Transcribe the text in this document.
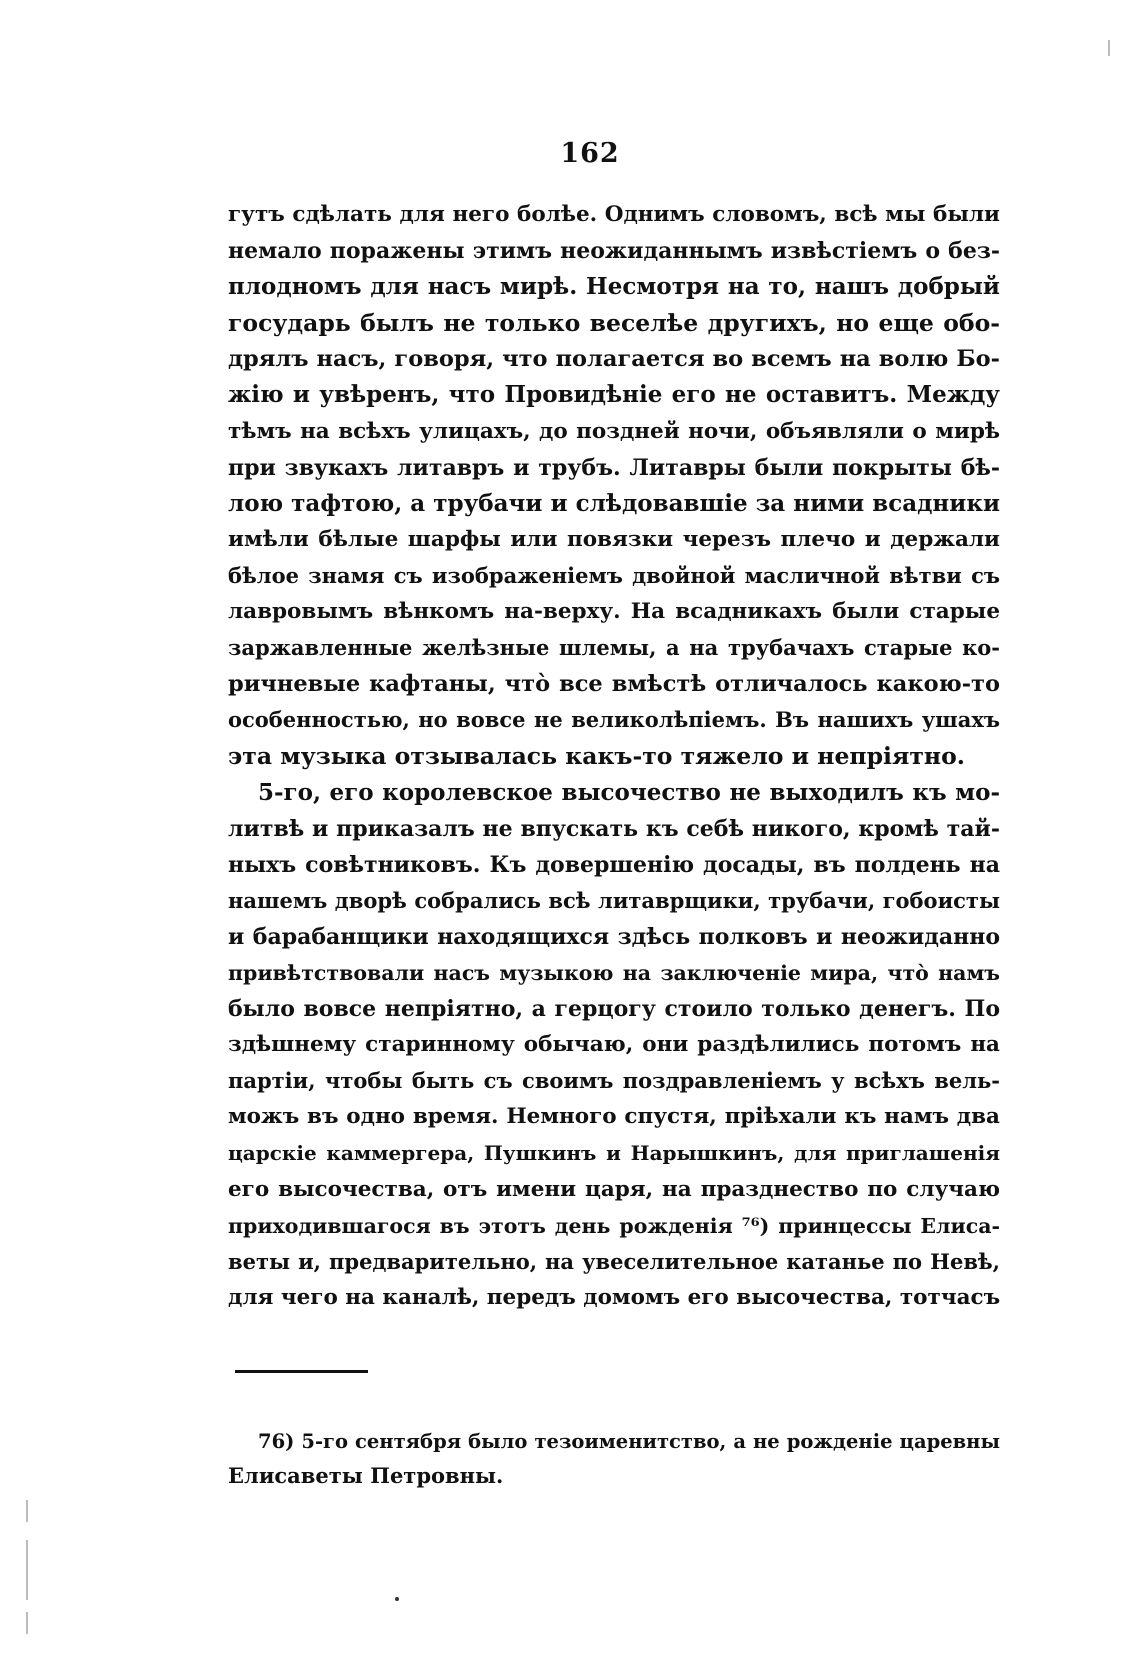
162
гутъ сдѣлать для него болѣе. Однимъ словомъ, всѣ мы были
немало поражены этимъ неожиданнымъ извѣстіемъ о без-
плодномъ для насъ мирѣ. Несмотря на то, нашъ добрый
государь былъ не только веселѣе другихъ, но еще обо-
дрялъ насъ, говоря, что полагается во всемъ на волю Бо-
жію и увѣренъ, что Провидѣніе его не оставитъ. Между
тѣмъ на всѣхъ улицахъ, до поздней ночи, объявляли о мирѣ
при звукахъ литавръ и трубъ. Литавры были покрыты бѣ-
лою тафтою, а трубачи и слѣдовавшіе за ними всадники
имѣли бѣлые шарфы или повязки черезъ плечо и держали
бѣлое знамя съ изображеніемъ двойной масличной вѣтви съ
лавровымъ вѣнкомъ на-верху. На всадникахъ были старые
заржавленные желѣзные шлемы, а на трубачахъ старые ко-
ричневые кафтаны, что̀ все вмѣстѣ отличалось какою-то
особенностью, но вовсе не великолѣпіемъ. Въ нашихъ ушахъ
эта музыка отзывалась какъ-то тяжело и непріятно.
5-го, его королевское высочество не выходилъ къ мо-
литвѣ и приказалъ не впускать къ себѣ никого, кромѣ тай-
ныхъ совѣтниковъ. Къ довершенію досады, въ полдень на
нашемъ дворѣ собрались всѣ литаврщики, трубачи, гобоисты
и барабанщики находящихся здѣсь полковъ и неожиданно
привѣтствовали насъ музыкою на заключеніе мира, что̀ намъ
было вовсе непріятно, а герцогу стоило только денегъ. По
здѣшнему старинному обычаю, они раздѣлились потомъ на
партіи, чтобы быть съ своимъ поздравленіемъ у всѣхъ вель-
можъ въ одно время. Немного спустя, пріѣхали къ намъ два
царскіе каммергера, Пушкинъ и Нарышкинъ, для приглашенія
его высочества, отъ имени царя, на празднество по случаю
приходившагося въ этотъ день рожденія ⁷⁶) принцессы Елиса-
веты и, предварительно, на увеселительное катанье по Невѣ,
для чего на каналѣ, передъ домомъ его высочества, тотчасъ
76) 5-го сентября было тезоименитство, а не рожденіе царевны
Елисаветы Петровны.
